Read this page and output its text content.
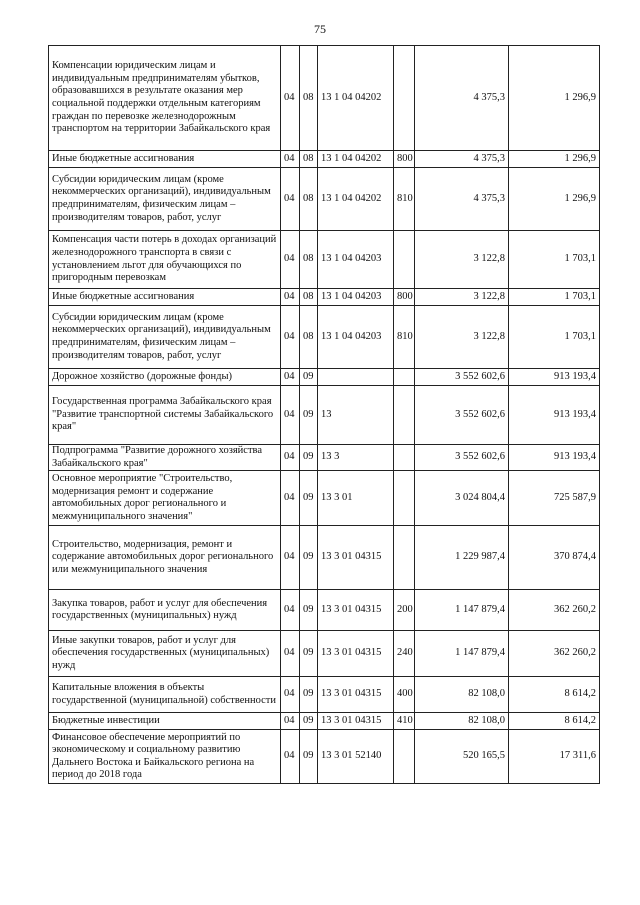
75
Компенсации юридическим лицам и индивидуальным предпринимателям убытков, образовавшихся в результате оказания мер социальной поддержки отдельным категориям граждан по перевозке железнодорожным транспортом на территории Забайкальского края	04	08	13 1 04 04202		4 375,3	1 296,9
Иные бюджетные ассигнования	04	08	13 1 04 04202	800	4 375,3	1 296,9
Субсидии юридическим лицам (кроме некоммерческих организаций), индивидуальным предпринимателям, физическим лицам – производителям товаров, работ, услуг	04	08	13 1 04 04202	810	4 375,3	1 296,9
Компенсация части потерь в доходах организаций железнодорожного транспорта в связи с установлением льгот для обучающихся по пригородным перевозкам	04	08	13 1 04 04203		3 122,8	1 703,1
Иные бюджетные ассигнования	04	08	13 1 04 04203	800	3 122,8	1 703,1
Субсидии юридическим лицам (кроме некоммерческих организаций), индивидуальным предпринимателям, физическим лицам – производителям товаров, работ, услуг	04	08	13 1 04 04203	810	3 122,8	1 703,1
Дорожное хозяйство (дорожные фонды)	04	09			3 552 602,6	913 193,4
Государственная программа Забайкальского края "Развитие транспортной системы Забайкальского края"	04	09	13		3 552 602,6	913 193,4
Подпрограмма "Развитие дорожного хозяйства Забайкальского края"	04	09	13 3		3 552 602,6	913 193,4
Основное мероприятие "Строительство, модернизация ремонт и содержание автомобильных дорог регионального и межмуниципального значения"	04	09	13 3 01		3 024 804,4	725 587,9
Строительство, модернизация, ремонт и содержание автомобильных дорог регионального или межмуниципального значения	04	09	13 3 01 04315		1 229 987,4	370 874,4
Закупка товаров, работ и услуг для обеспечения государственных (муниципальных) нужд	04	09	13 3 01 04315	200	1 147 879,4	362 260,2
Иные закупки товаров, работ и услуг для обеспечения государственных (муниципальных) нужд	04	09	13 3 01 04315	240	1 147 879,4	362 260,2
Капитальные вложения в объекты государственной (муниципальной) собственности	04	09	13 3 01 04315	400	82 108,0	8 614,2
Бюджетные инвестиции	04	09	13 3 01 04315	410	82 108,0	8 614,2
Финансовое обеспечение мероприятий по экономическому и социальному развитию Дальнего Востока и Байкальского региона на период до 2018 года	04	09	13 3 01 52140		520 165,5	17 311,6
